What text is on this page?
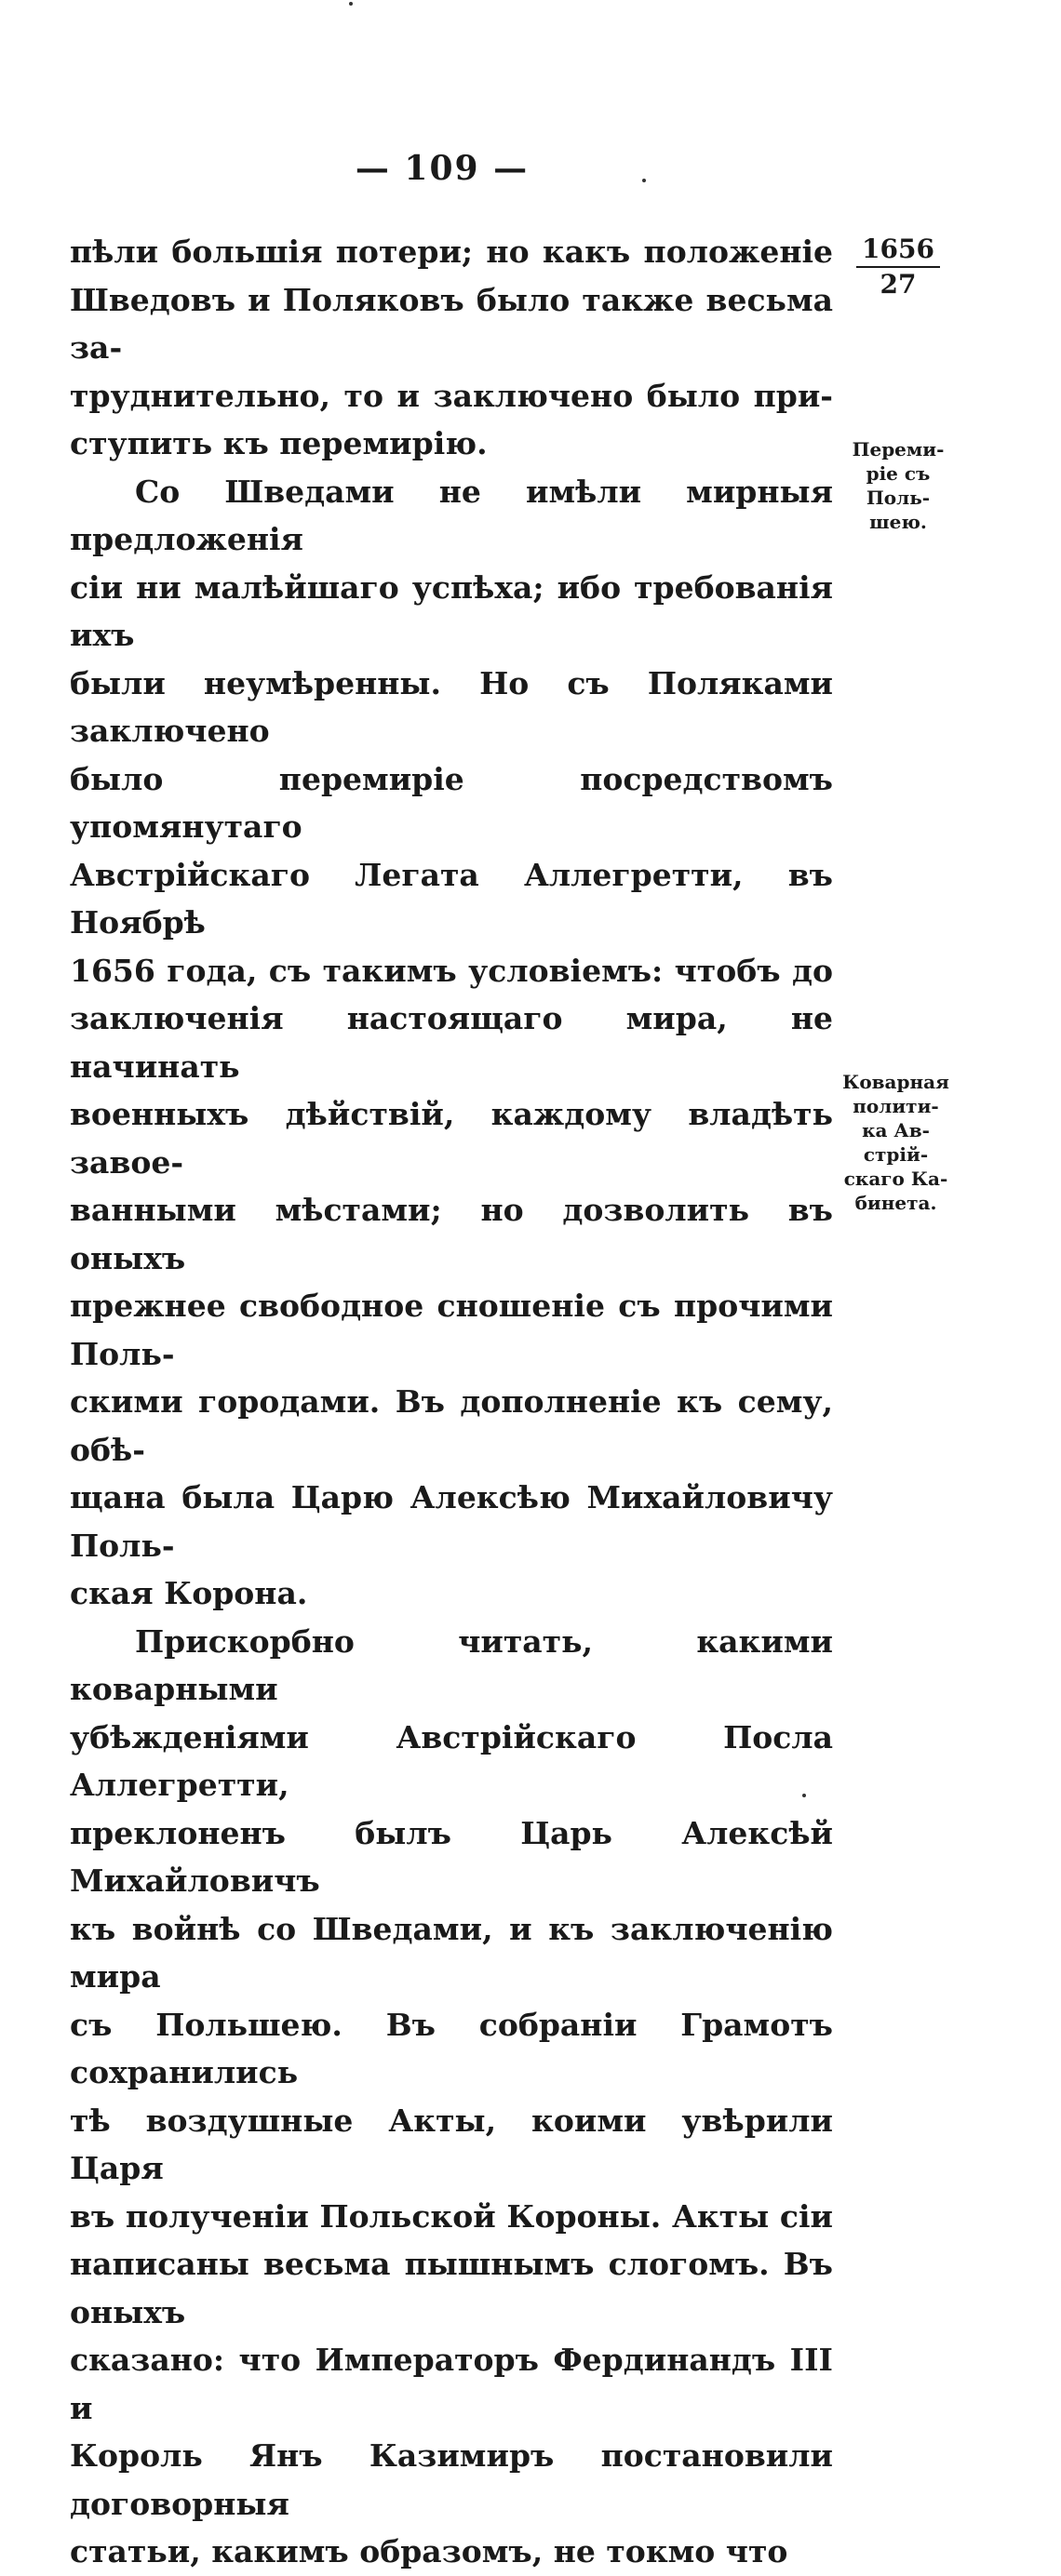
— 109 —
1656
27
Переми-
ріе съ
Поль-
шею.
Коварная
полити-
ка Ав-
стрій-
скаго Ка-
бинета.

пѣли большія потери; но какъ положеніе
Шведовъ и Поляковъ было также весьма за-
труднительно, то и заключено было при-
ступить къ перемирію.

Со Шведами не имѣли мирныя предложенія
сіи ни малѣйшаго успѣха; ибо требованія ихъ
были неумѣренны. Но съ Поляками заключено
было перемиріе посредствомъ упомянутаго
Австрійскаго Легата Аллегретти, въ Ноябрѣ
1656 года, съ такимъ условіемъ: чтобъ до
заключенія настоящаго мира, не начинать
военныхъ дѣйствій, каждому владѣть завое-
ванными мѣстами; но дозволить въ оныхъ
прежнее свободное сношеніе съ прочими Поль-
скими городами. Въ дополненіе къ сему, обѣ-
щана была Царю Алексѣю Михайловичу Поль-
ская Корона.

Прискорбно читать, какими коварными
убѣжденіями Австрійскаго Посла Аллегретти,
преклоненъ былъ Царь Алексѣй Михайловичъ
къ войнѣ со Шведами, и къ заключенію мира
съ Польшею. Въ собраніи Грамотъ сохранились
тѣ воздушные Акты, коими увѣрили Царя
въ полученіи Польской Короны. Акты сіи
написаны весьма пышнымъ слогомъ. Въ оныхъ
сказано: что Императоръ Фердинандъ III и
Король Янъ Казимиръ постановили договорныя
статьи, какимъ образомъ, не токмо что
